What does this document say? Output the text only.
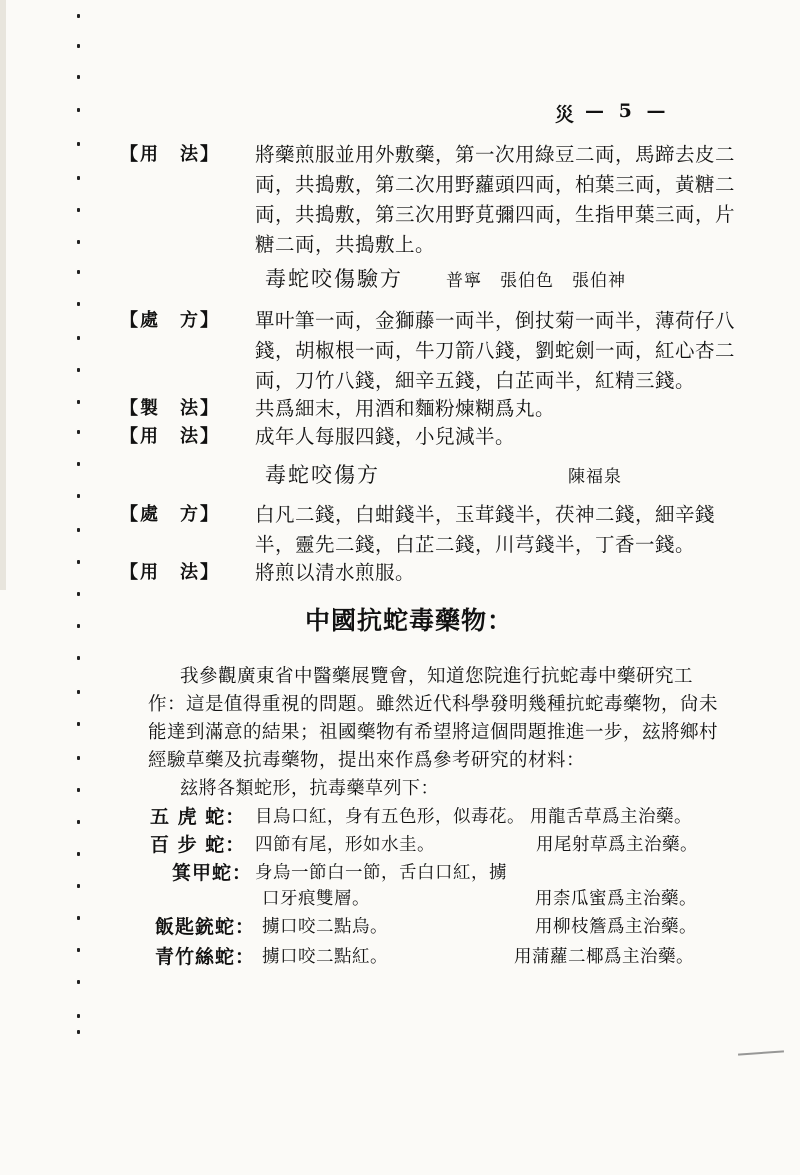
災 — 5 —
【用　法】 將藥煎服並用外敷藥，第一次用綠豆二両，馬蹄去皮二
両，共搗敷，第二次用野蘿頭四両，柏葉三両，黃糖二
両，共搗敷，第三次用野莧彌四両，生指甲葉三両，片
糖二両，共搗敷上。
毒蛇咬傷驗方	普寧　張伯色　張伯神
【處　方】 單叶筆一両，金獅藤一両半，倒扙菊一両半，薄荷仔八
錢，胡椒根一両，牛刀箭八錢，劉蛇劍一両，紅心杏二
両，刀竹八錢，細辛五錢，白芷両半，紅精三錢。
【製　法】 共爲細末，用酒和麵粉煉糊爲丸。
【用　法】 成年人每服四錢，小兒減半。
毒蛇咬傷方	陳福泉
【處　方】 白凡二錢，白蚶錢半，玉茸錢半，茯神二錢，細辛錢
半，靈先二錢，白芷二錢，川芎錢半，丁香一錢。
【用　法】 將煎以清水煎服。
中國抗蛇毒藥物：
我參觀廣東省中醫藥展覽會，知道您院進行抗蛇毒中藥研究工
作：這是值得重視的問題。雖然近代科學發明幾種抗蛇毒藥物，尙未
能達到滿意的結果；祖國藥物有希望將這個問題推進一步，玆將鄉村
經驗草藥及抗毒藥物，提出來作爲參考研究的材料：
玆將各類蛇形，抗毒藥草列下：
五 虎 蛇： 目烏口紅，身有五色形，似毒花。 用龍舌草爲主治藥。
百 步 蛇： 四節有尾，形如水圭。	用尾射草爲主治藥。
箕甲蛇： 身烏一節白一節，舌白口紅，擄
口牙痕雙層。	用柰瓜蜜爲主治藥。
飯匙銃蛇： 擄口咬二點烏。	用柳枝簷爲主治藥。
青竹絲蛇： 擄口咬二點紅。	用蒲蘿二椰爲主治藥。
